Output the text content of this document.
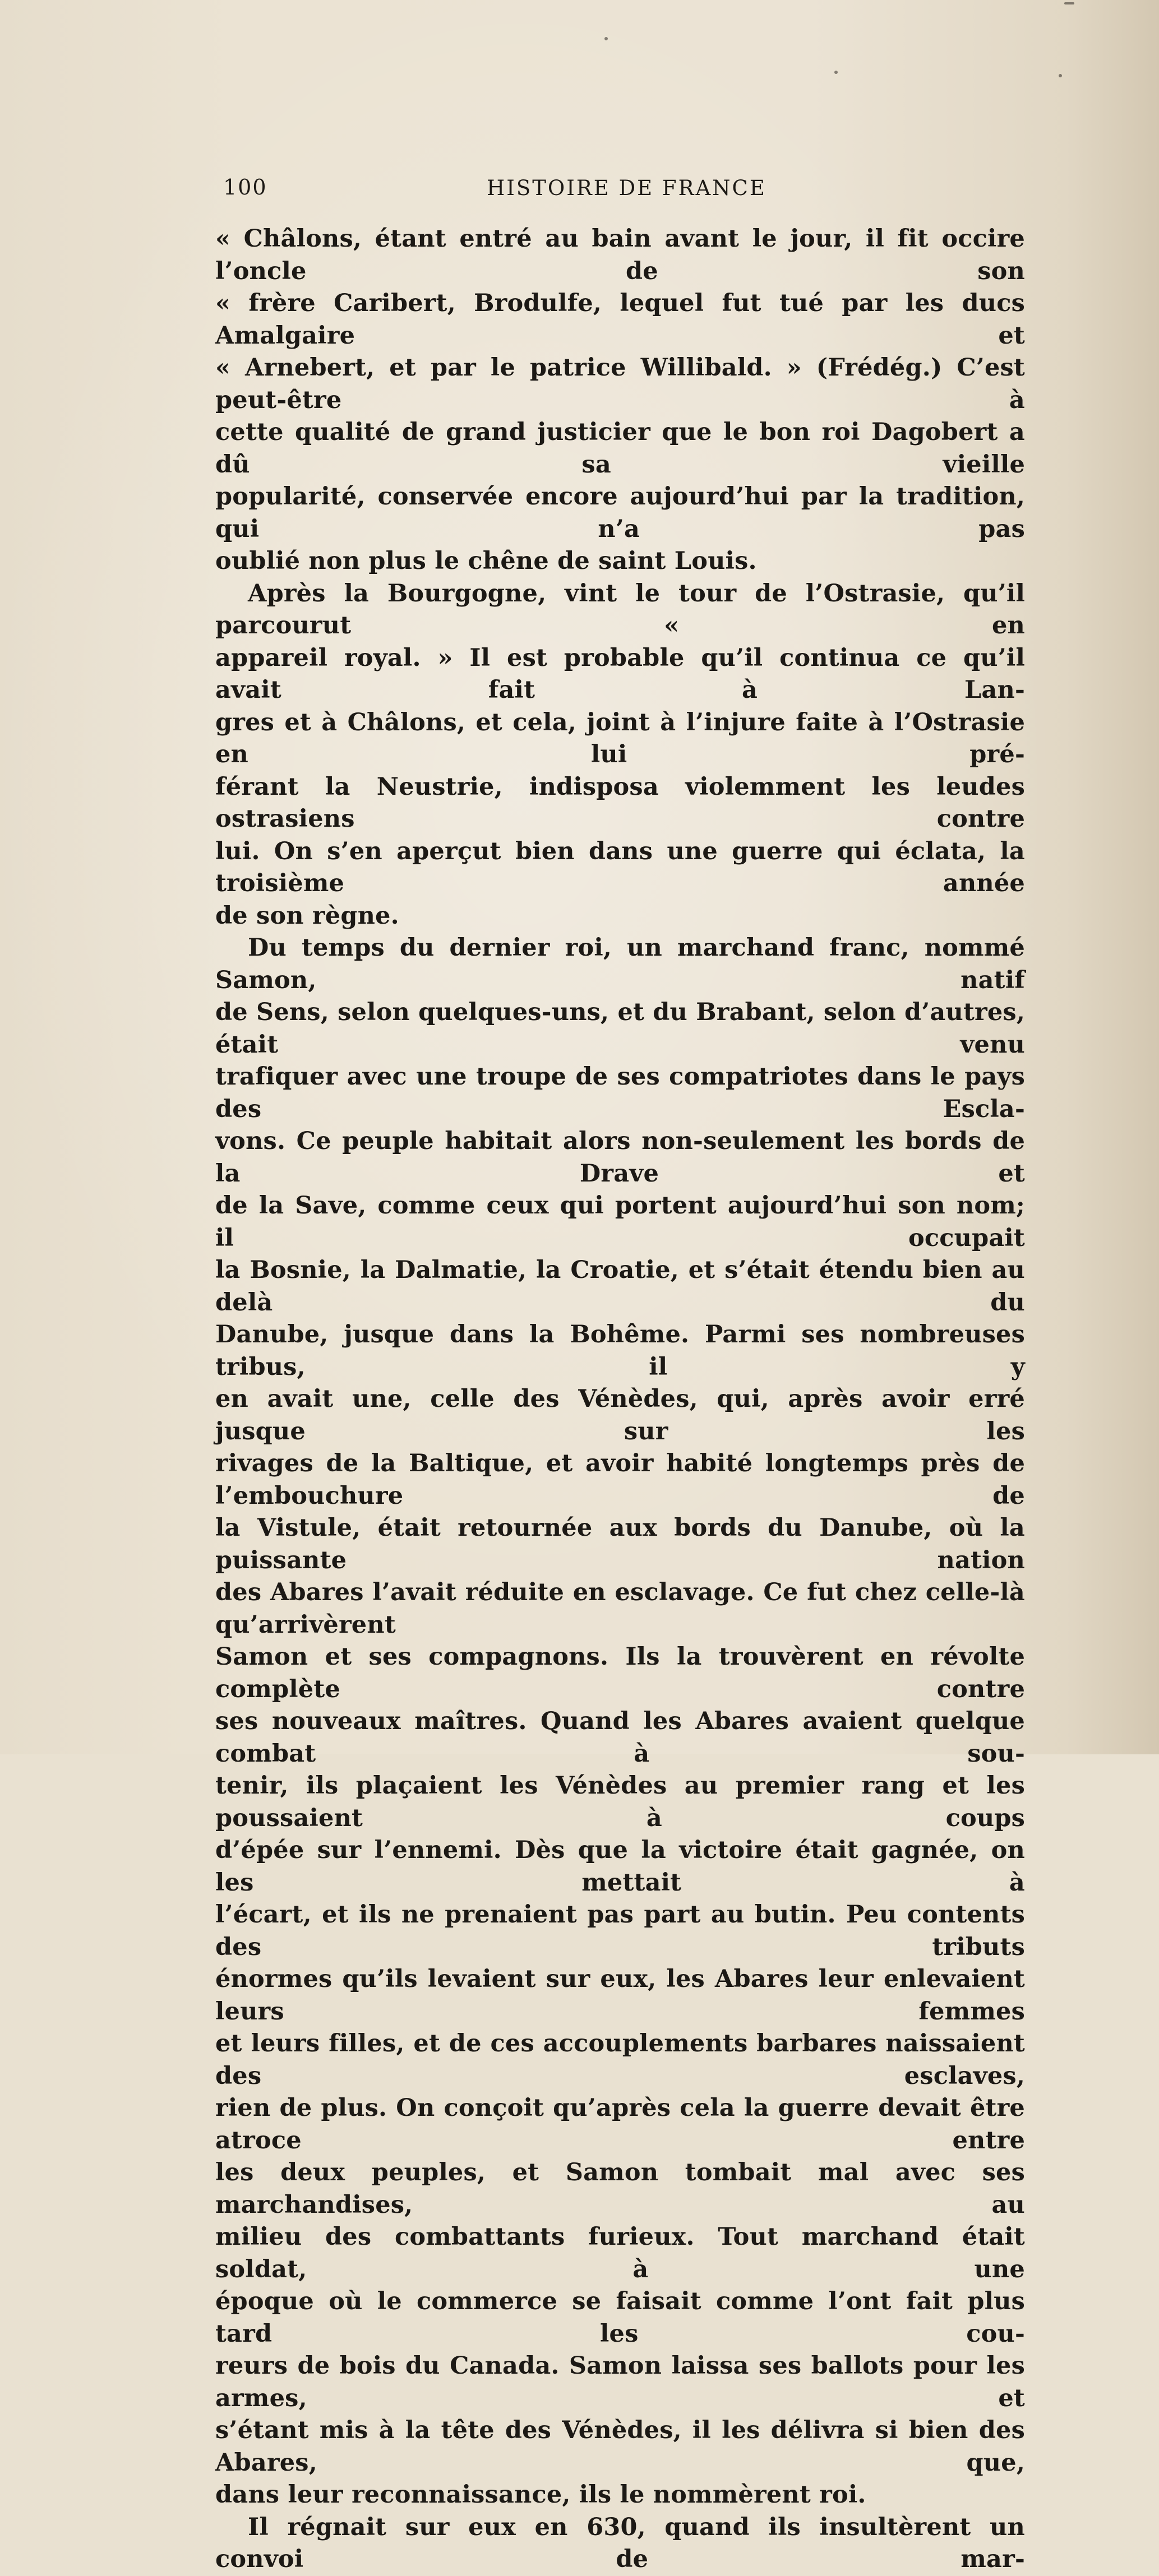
100	HISTOIRE DE FRANCE

« Châlons, étant entré au bain avant le jour, il fit occire l’oncle de son

« frère Caribert, Brodulfe, lequel fut tué par les ducs Amalgaire et

« Arnebert, et par le patrice Willibald. » (Frédég.) C’est peut-être à

cette qualité de grand justicier que le bon roi Dagobert a dû sa vieille

popularité, conservée encore aujourd’hui par la tradition, qui n’a pas

oublié non plus le chêne de saint Louis.

Après la Bourgogne, vint le tour de l’Ostrasie, qu’il parcourut « en

appareil royal. » Il est probable qu’il continua ce qu’il avait fait à Lan-

gres et à Châlons, et cela, joint à l’injure faite à l’Ostrasie en lui pré-

férant la Neustrie, indisposa violemment les leudes ostrasiens contre

lui. On s’en aperçut bien dans une guerre qui éclata, la troisième année

de son règne.

Du temps du dernier roi, un marchand franc, nommé Samon, natif

de Sens, selon quelques-uns, et du Brabant, selon d’autres, était venu

trafiquer avec une troupe de ses compatriotes dans le pays des Escla-

vons. Ce peuple habitait alors non-seulement les bords de la Drave et

de la Save, comme ceux qui portent aujourd’hui son nom; il occupait

la Bosnie, la Dalmatie, la Croatie, et s’était étendu bien au delà du

Danube, jusque dans la Bohême. Parmi ses nombreuses tribus, il y

en avait une, celle des Vénèdes, qui, après avoir erré jusque sur les

rivages de la Baltique, et avoir habité longtemps près de l’embouchure de

la Vistule, était retournée aux bords du Danube, où la puissante nation

des Abares l’avait réduite en esclavage. Ce fut chez celle-là qu’arrivèrent

Samon et ses compagnons. Ils la trouvèrent en révolte complète contre

ses nouveaux maîtres. Quand les Abares avaient quelque combat à sou-

tenir, ils plaçaient les Vénèdes au premier rang et les poussaient à coups

d’épée sur l’ennemi. Dès que la victoire était gagnée, on les mettait à

l’écart, et ils ne prenaient pas part au butin. Peu contents des tributs

énormes qu’ils levaient sur eux, les Abares leur enlevaient leurs femmes

et leurs filles, et de ces accouplements barbares naissaient des esclaves,

rien de plus. On conçoit qu’après cela la guerre devait être atroce entre

les deux peuples, et Samon tombait mal avec ses marchandises, au

milieu des combattants furieux. Tout marchand était soldat, à une

époque où le commerce se faisait comme l’ont fait plus tard les cou-

reurs de bois du Canada. Samon laissa ses ballots pour les armes, et

s’étant mis à la tête des Vénèdes, il les délivra si bien des Abares, que,

dans leur reconnaissance, ils le nommèrent roi.

Il régnait sur eux en 630, quand ils insultèrent un convoi de mar-
